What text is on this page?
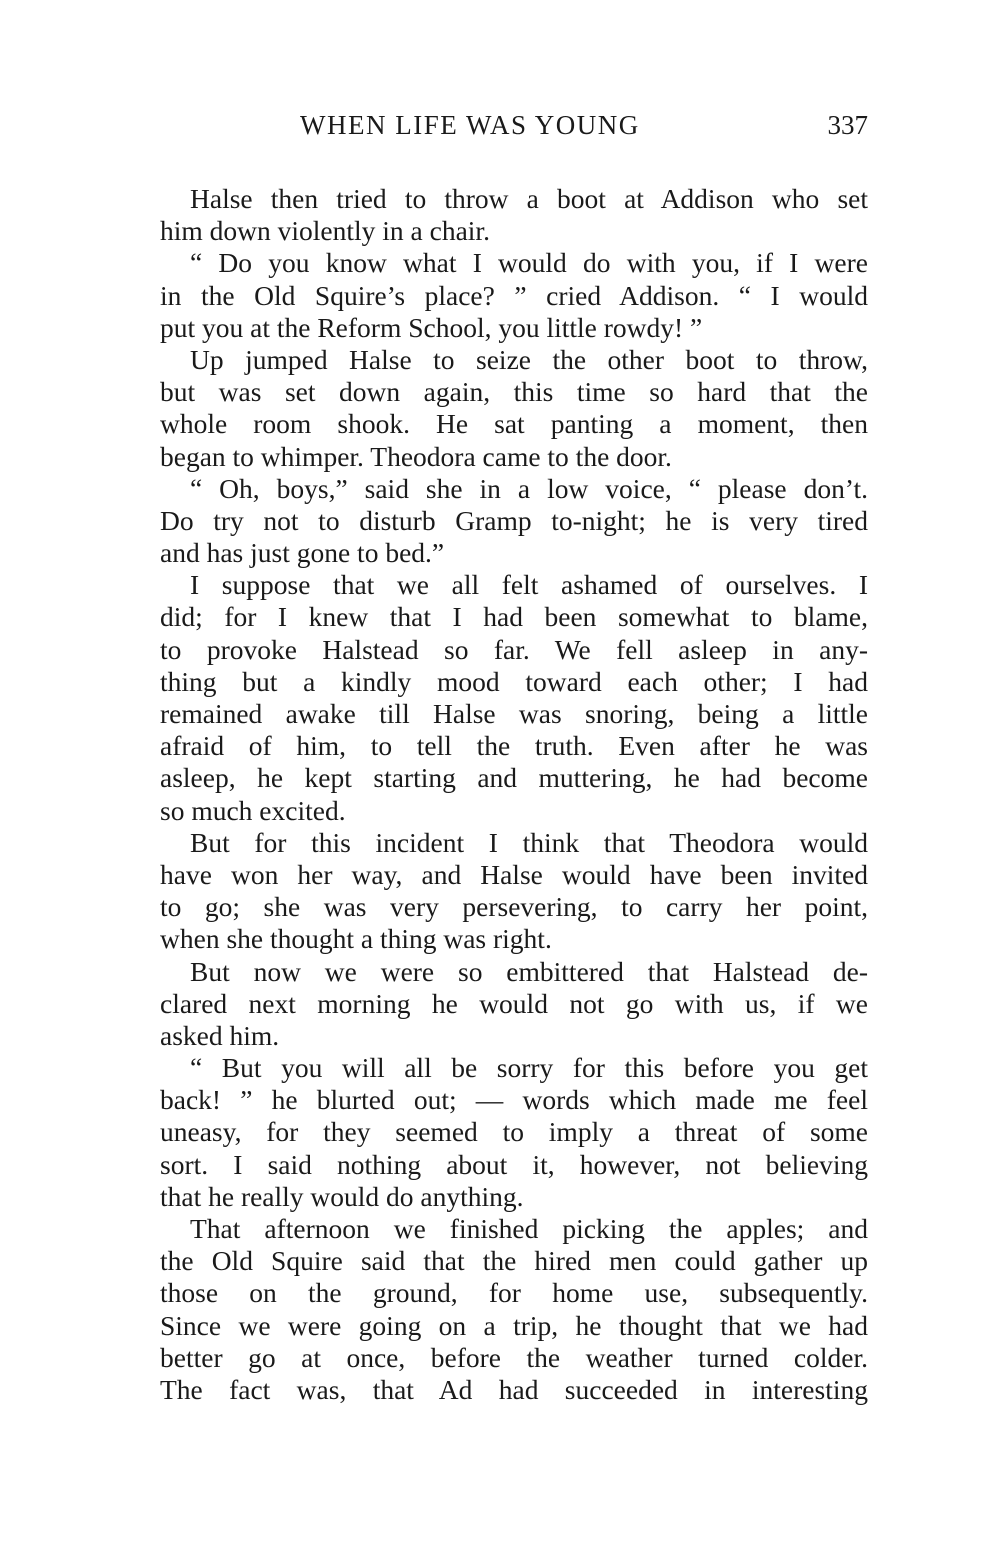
WHEN LIFE WAS YOUNG	337
Halse then tried to throw a boot at Addison who set
him down violently in a chair.
“ Do you know what I would do with you, if I were
in the Old Squire’s place? ” cried Addison. “ I would
put you at the Reform School, you little rowdy! ”
Up jumped Halse to seize the other boot to throw,
but was set down again, this time so hard that the
whole room shook. He sat panting a moment, then
began to whimper. Theodora came to the door.
“ Oh, boys,” said she in a low voice, “ please don’t.
Do try not to disturb Gramp to-night; he is very tired
and has just gone to bed.”
I suppose that we all felt ashamed of ourselves. I
did; for I knew that I had been somewhat to blame,
to provoke Halstead so far. We fell asleep in any-
thing but a kindly mood toward each other; I had
remained awake till Halse was snoring, being a little
afraid of him, to tell the truth. Even after he was
asleep, he kept starting and muttering, he had become
so much excited.
But for this incident I think that Theodora would
have won her way, and Halse would have been invited
to go; she was very persevering, to carry her point,
when she thought a thing was right.
But now we were so embittered that Halstead de-
clared next morning he would not go with us, if we
asked him.
“ But you will all be sorry for this before you get
back! ” he blurted out; — words which made me feel
uneasy, for they seemed to imply a threat of some
sort. I said nothing about it, however, not believing
that he really would do anything.
That afternoon we finished picking the apples; and
the Old Squire said that the hired men could gather up
those on the ground, for home use, subsequently.
Since we were going on a trip, he thought that we had
better go at once, before the weather turned colder.
The fact was, that Ad had succeeded in interesting
